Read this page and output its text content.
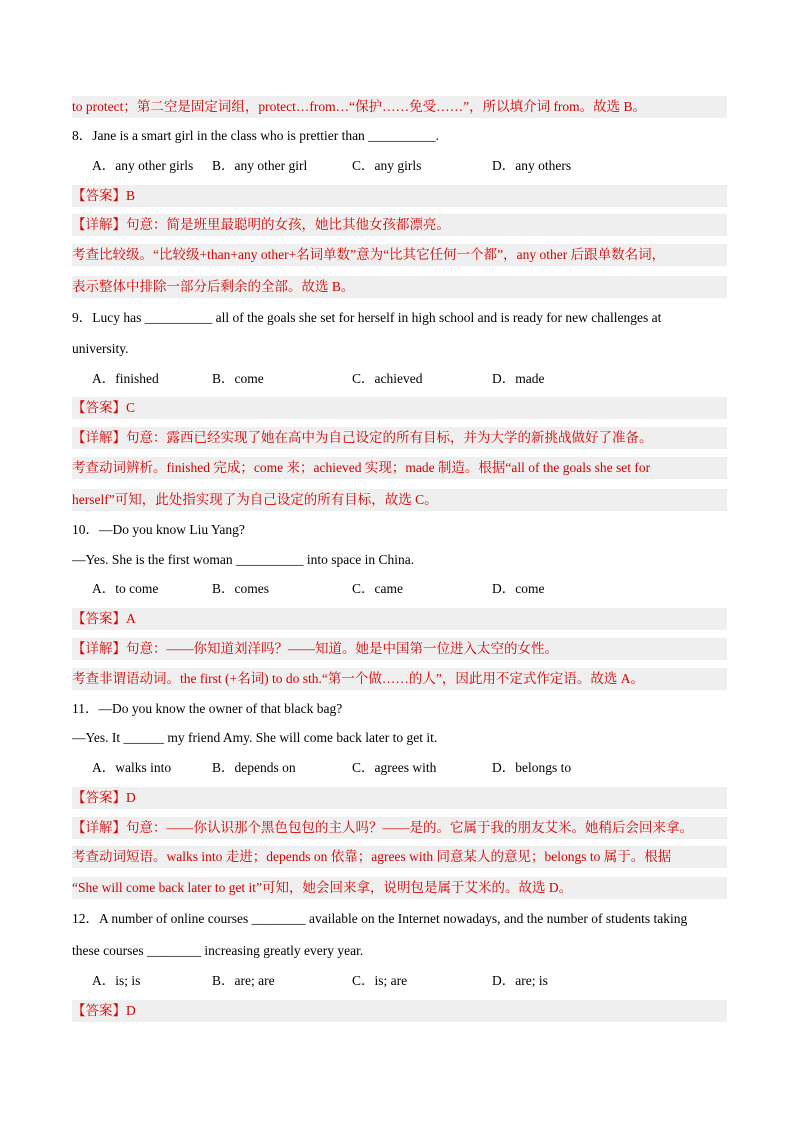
to protect；第二空是固定词组，protect…from…“保护……免受……”，所以填介词 from。故选 B。
8．Jane is a smart girl in the class who is prettier than __________.
A．any other girls B．any other girl	C．any girls	D．any others
【答案】B
【详解】句意：简是班里最聪明的女孩，她比其他女孩都漂亮。
考查比较级。“比较级+than+any other+名词单数”意为“比其它任何一个都”，any other 后跟单数名词，
表示整体中排除一部分后剩余的全部。故选 B。
9．Lucy has __________ all of the goals she set for herself in high school and is ready for new challenges at
university.
A．finished	B．come	C．achieved	D．made
【答案】C
【详解】句意：露西已经实现了她在高中为自己设定的所有目标，并为大学的新挑战做好了准备。
考查动词辨析。finished 完成；come 来；achieved 实现；made 制造。根据“all of the goals she set for
herself”可知，此处指实现了为自己设定的所有目标，故选 C。
10．—Do you know Liu Yang?
—Yes. She is the first woman __________ into space in China.
A．to come	B．comes	C．came	D．come
【答案】A
【详解】句意：——你知道刘洋吗？——知道。她是中国第一位进入太空的女性。
考查非谓语动词。the first (+名词) to do sth.“第一个做……的人”，因此用不定式作定语。故选 A。
11．—Do you know the owner of that black bag?
—Yes. It ______ my friend Amy. She will come back later to get it.
A．walks into	B．depends on	C．agrees with	D．belongs to
【答案】D
【详解】句意：——你认识那个黑色包包的主人吗？——是的。它属于我的朋友艾米。她稍后会回来拿。
考查动词短语。walks into 走进；depends on 依靠；agrees with 同意某人的意见；belongs to 属于。根据
“She will come back later to get it”可知，她会回来拿，说明包是属于艾米的。故选 D。
12．A number of online courses ________ available on the Internet nowadays, and the number of students taking
these courses ________ increasing greatly every year.
A．is; is	B．are; are	C．is; are	D．are; is
【答案】D
